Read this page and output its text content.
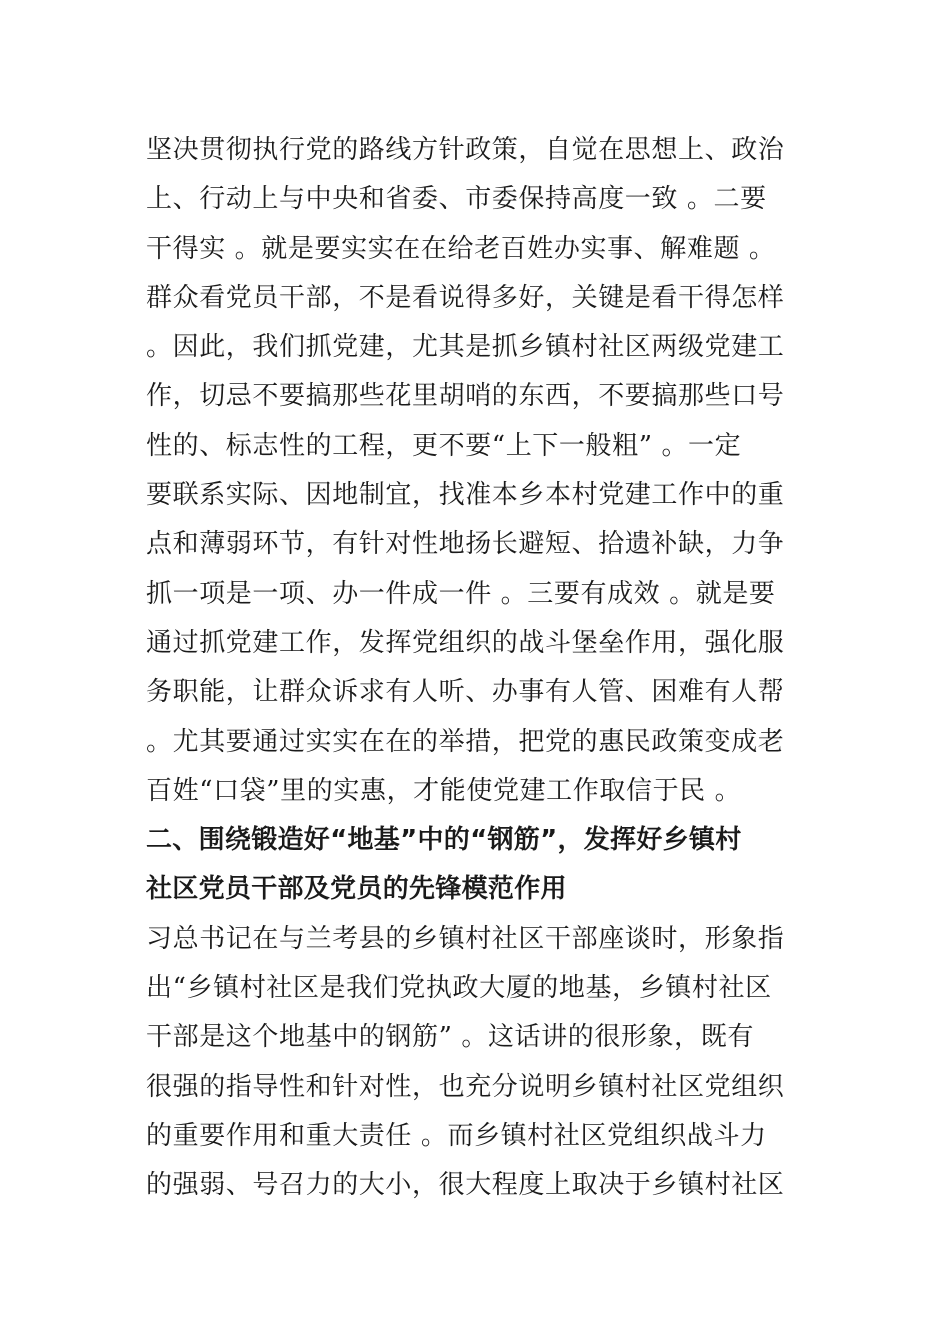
坚决贯彻执行党的路线方针政策，自觉在思想上、政治
上、行动上与中央和省委、市委保持高度一致 。二要
干得实 。就是要实实在在给老百姓办实事、解难题 。
群众看党员干部，不是看说得多好，关键是看干得怎样
。因此，我们抓党建，尤其是抓乡镇村社区两级党建工
作，切忌不要搞那些花里胡哨的东西，不要搞那些口号
性的、标志性的工程，更不要“上下一般粗” 。一定
要联系实际、因地制宜，找准本乡本村党建工作中的重
点和薄弱环节，有针对性地扬长避短、拾遗补缺，力争
抓一项是一项、办一件成一件 。三要有成效 。就是要
通过抓党建工作，发挥党组织的战斗堡垒作用，强化服
务职能，让群众诉求有人听、办事有人管、困难有人帮
。尤其要通过实实在在的举措，把党的惠民政策变成老
百姓“口袋”里的实惠，才能使党建工作取信于民 。
二、围绕锻造好“地基”中的“钢筋”，发挥好乡镇村
社区党员干部及党员的先锋模范作用
习总书记在与兰考县的乡镇村社区干部座谈时，形象指
出“乡镇村社区是我们党执政大厦的地基，乡镇村社区
干部是这个地基中的钢筋” 。这话讲的很形象，既有
很强的指导性和针对性，也充分说明乡镇村社区党组织
的重要作用和重大责任 。而乡镇村社区党组织战斗力
的强弱、号召力的大小，很大程度上取决于乡镇村社区
